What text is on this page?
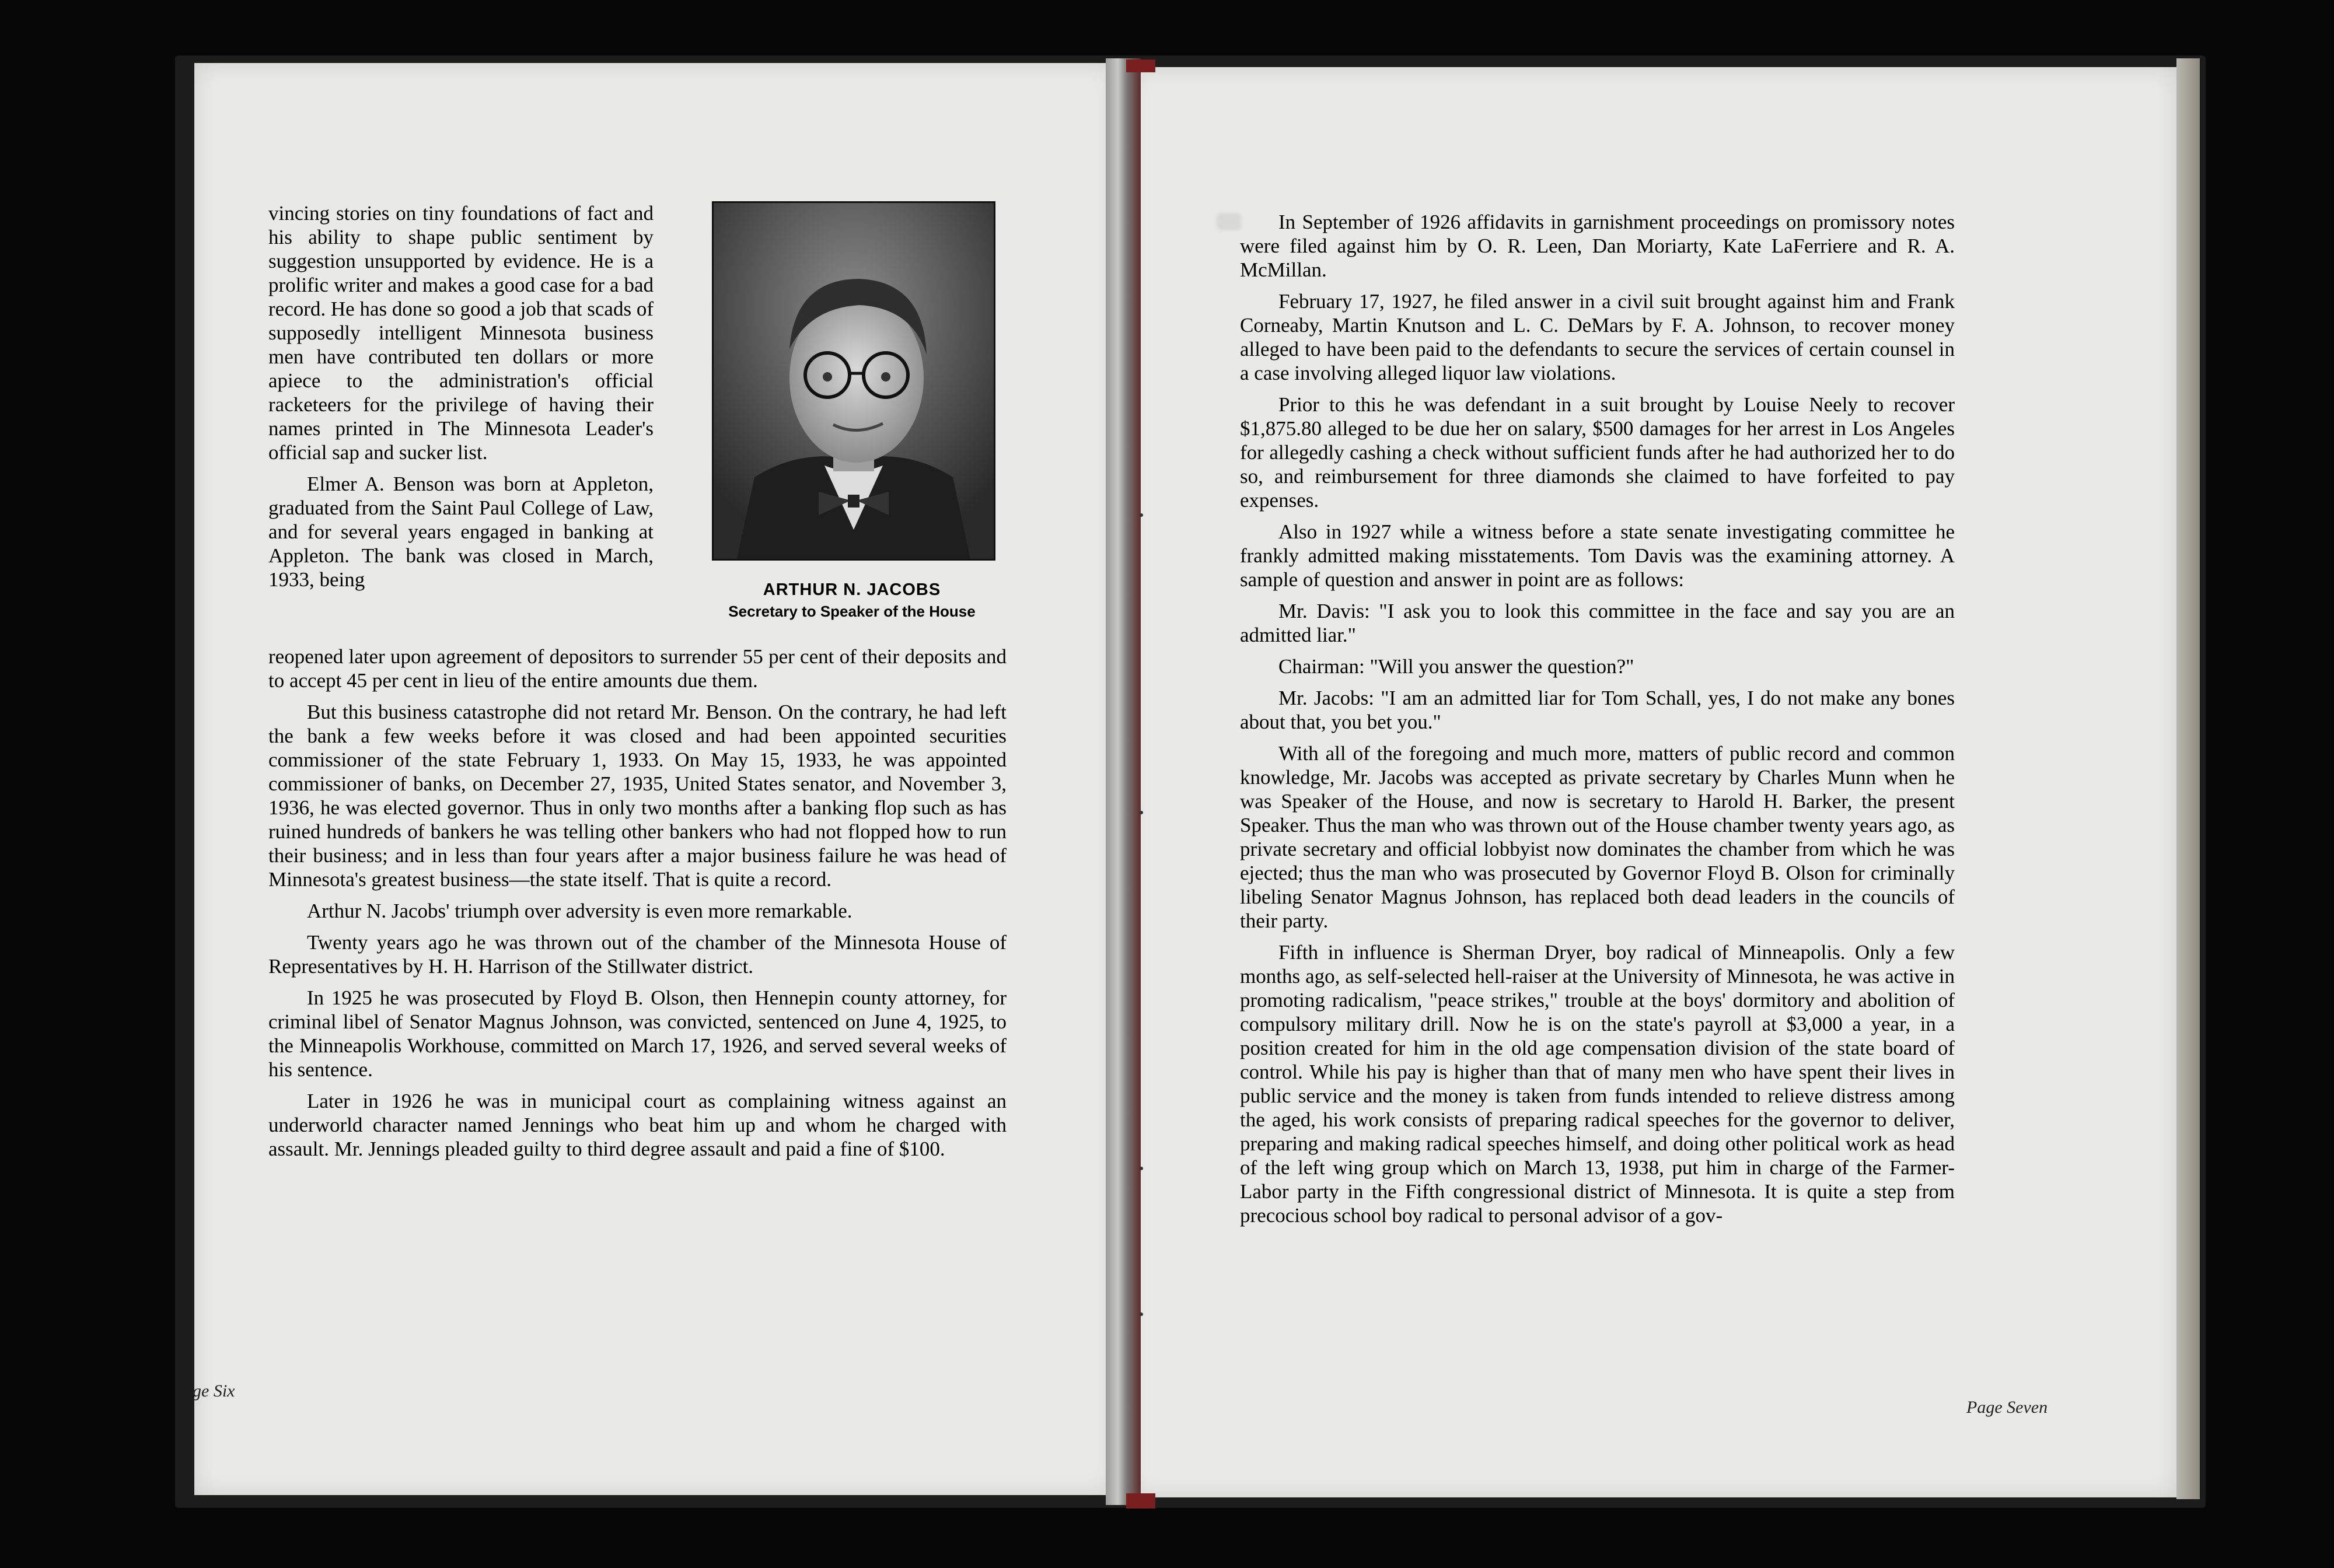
vincing stories on tiny foundations of fact and his ability to shape public sentiment by suggestion unsupported by evidence. He is a prolific writer and makes a good case for a bad record. He has done so good a job that scads of supposedly intelligent Minnesota business men have contributed ten dollars or more apiece to the administration's official racketeers for the privilege of having their names printed in The Minnesota Leader's official sap and sucker list.

Elmer A. Benson was born at Appleton, graduated from the Saint Paul College of Law, and for several years engaged in banking at Appleton. The bank was closed in March, 1933, being	ARTHUR N. JACOBS
Secretary to Speaker of the House

reopened later upon agreement of depositors to surrender 55 per cent of their deposits and to accept 45 per cent in lieu of the entire amounts due them.

But this business catastrophe did not retard Mr. Benson. On the contrary, he had left the bank a few weeks before it was closed and had been appointed securities commissioner of the state February 1, 1933. On May 15, 1933, he was appointed commissioner of banks, on December 27, 1935, United States senator, and November 3, 1936, he was elected governor. Thus in only two months after a banking flop such as has ruined hundreds of bankers he was telling other bankers who had not flopped how to run their business; and in less than four years after a major business failure he was head of Minnesota's greatest business—the state itself. That is quite a record.

Arthur N. Jacobs' triumph over adversity is even more remarkable.

Twenty years ago he was thrown out of the chamber of the Minnesota House of Representatives by H. H. Harrison of the Stillwater district.

In 1925 he was prosecuted by Floyd B. Olson, then Hennepin county attorney, for criminal libel of Senator Magnus Johnson, was convicted, sentenced on June 4, 1925, to the Minneapolis Workhouse, committed on March 17, 1926, and served several weeks of his sentence.

Later in 1926 he was in municipal court as complaining witness against an underworld character named Jennings who beat him up and whom he charged with assault. Mr. Jennings pleaded guilty to third degree assault and paid a fine of $100.

ge Six

In September of 1926 affidavits in garnishment proceedings on promissory notes were filed against him by O. R. Leen, Dan Moriarty, Kate LaFerriere and R. A. McMillan.

February 17, 1927, he filed answer in a civil suit brought against him and Frank Corneaby, Martin Knutson and L. C. DeMars by F. A. Johnson, to recover money alleged to have been paid to the defendants to secure the services of certain counsel in a case involving alleged liquor law violations.

Prior to this he was defendant in a suit brought by Louise Neely to recover $1,875.80 alleged to be due her on salary, $500 damages for her arrest in Los Angeles for allegedly cashing a check without sufficient funds after he had authorized her to do so, and reimbursement for three diamonds she claimed to have forfeited to pay expenses.

Also in 1927 while a witness before a state senate investigating committee he frankly admitted making misstatements. Tom Davis was the examining attorney. A sample of question and answer in point are as follows:

Mr. Davis: "I ask you to look this committee in the face and say you are an admitted liar."

Chairman: "Will you answer the question?"

Mr. Jacobs: "I am an admitted liar for Tom Schall, yes, I do not make any bones about that, you bet you."

With all of the foregoing and much more, matters of public record and common knowledge, Mr. Jacobs was accepted as private secretary by Charles Munn when he was Speaker of the House, and now is secretary to Harold H. Barker, the present Speaker. Thus the man who was thrown out of the House chamber twenty years ago, as private secretary and official lobbyist now dominates the chamber from which he was ejected; thus the man who was prosecuted by Governor Floyd B. Olson for criminally libeling Senator Magnus Johnson, has replaced both dead leaders in the councils of their party.

Fifth in influence is Sherman Dryer, boy radical of Minneapolis. Only a few months ago, as self-selected hell-raiser at the University of Minnesota, he was active in promoting radicalism, "peace strikes," trouble at the boys' dormitory and abolition of compulsory military drill. Now he is on the state's payroll at $3,000 a year, in a position created for him in the old age compensation division of the state board of control. While his pay is higher than that of many men who have spent their lives in public service and the money is taken from funds intended to relieve distress among the aged, his work consists of preparing radical speeches for the governor to deliver, preparing and making radical speeches himself, and doing other political work as head of the left wing group which on March 13, 1938, put him in charge of the Farmer-Labor party in the Fifth congressional district of Minnesota. It is quite a step from precocious school boy radical to personal advisor of a gov-

Page Seven
